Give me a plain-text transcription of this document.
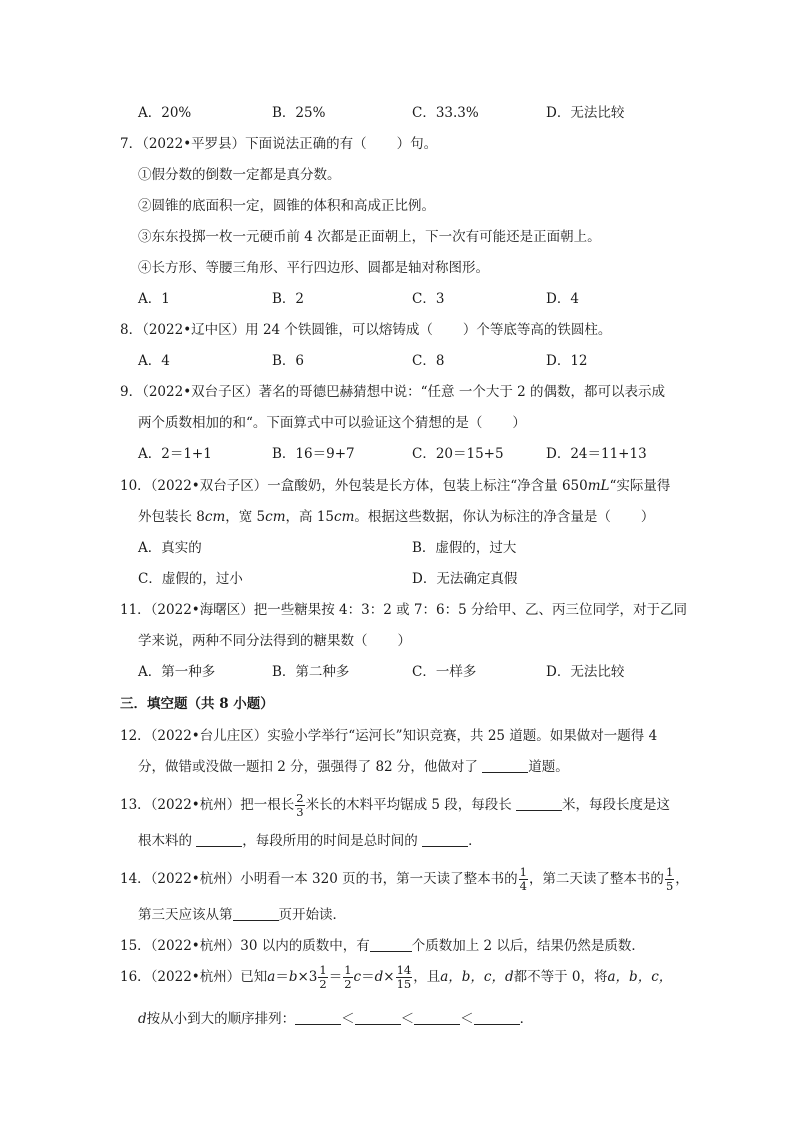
A．20%	B．25%	C．33.3%	D．无法比较
7．（2022•平罗县）下面说法正确的有（ ）句。
①假分数的倒数一定都是真分数。
②圆锥的底面积一定，圆锥的体积和高成正比例。
③东东投掷一枚一元硬币前 4 次都是正面朝上，下一次有可能还是正面朝上。
④长方形、等腰三角形、平行四边形、圆都是轴对称图形。
A．1	B．2	C．3	D．4
8．（2022•辽中区）用 24 个铁圆锥，可以熔铸成（ ）个等底等高的铁圆柱。
A．4	B．6	C．8	D．12
9．（2022•双台子区）著名的哥德巴赫猜想中说：“任意 一个大于 2 的偶数，都可以表示成
两个质数相加的和“。下面算式中可以验证这个猜想的是（ ）
A．2＝1+1	B．16＝9+7	C．20＝15+5	D．24＝11+13
10．（2022•双台子区）一盒酸奶，外包装是长方体，包装上标注“净含量 650mL“实际量得
外包装长 8cm，宽 5cm，高 15cm。根据这些数据，你认为标注的净含量是（ ）
A．真实的	B．虚假的，过大
C．虚假的，过小	D．无法确定真假
11．（2022•海曙区）把一些糖果按 4：3：2 或 7：6：5 分给甲、乙、丙三位同学，对于乙同
学来说，两种不同分法得到的糖果数（ ）
A．第一种多	B．第二种多	C．一样多	D．无法比较
三．填空题（共 8 小题）
12．（2022•台儿庄区）实验小学举行“运河长”知识竞赛，共 25 道题。如果做对一题得 4
分，做错或没做一题扣 2 分，强强得了 82 分，他做对了	道题。
13．（2022•杭州）把一根长 $\frac{2}{3}$ 米长的木料平均锯成 5 段，每段长	米，每段长度是这
根木料的	，每段所用的时间是总时间的	．
14．（2022•杭州）小明看一本 320 页的书，第一天读了整本书的 $\frac{1}{4}$ ，第二天读了整本书的 $\frac{1}{5}$ ，
第三天应该从第	页开始读．
15．（2022•杭州）30 以内的质数中，有	个质数加上 2 以后，结果仍然是质数．
16．（2022•杭州）已知$a=b\times 3 \frac{1}{2} = \frac{1}{2} c=d\times \frac{14}{15}$ ，且a，b，c，d都不等于 0，将a，b，c，
d按从小到大的顺序排列：	＜	＜	＜	．
